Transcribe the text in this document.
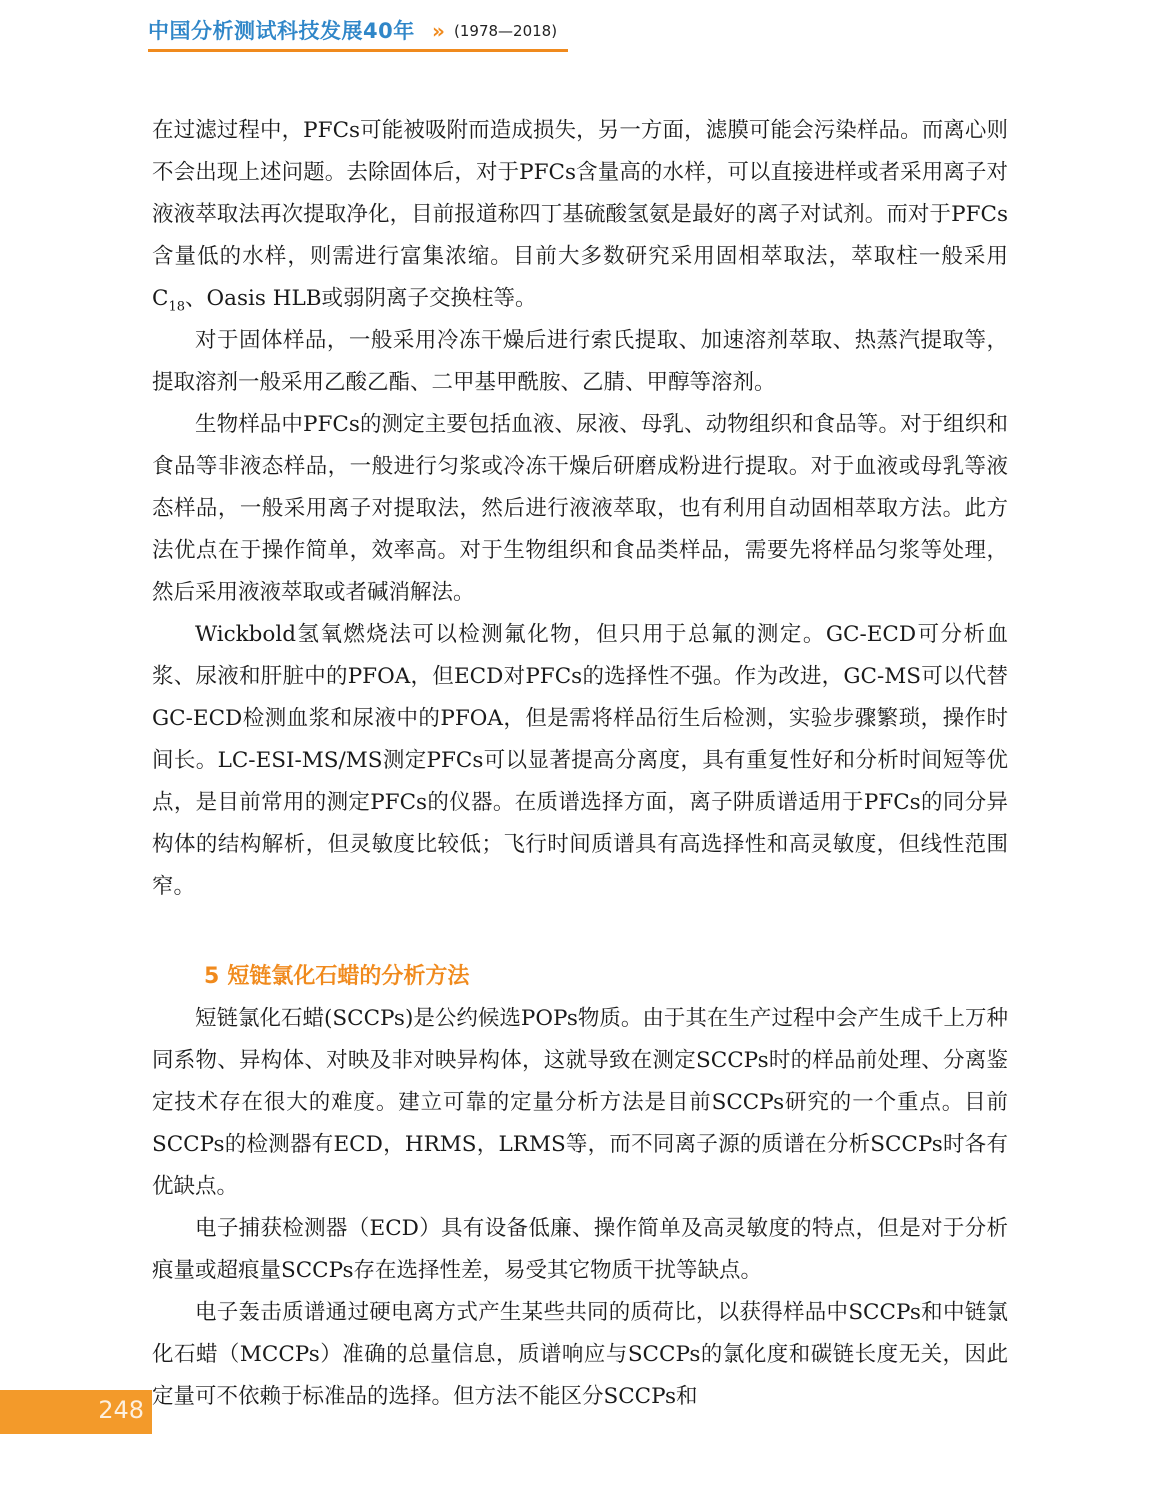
中国分析测试科技发展40年 » (1978—2018)

在过滤过程中，PFCs可能被吸附而造成损失，另一方面，滤膜可能会污染样品。而离心则不会出现上述问题。去除固体后，对于PFCs含量高的水样，可以直接进样或者采用离子对液液萃取法再次提取净化，目前报道称四丁基硫酸氢氨是最好的离子对试剂。而对于PFCs含量低的水样，则需进行富集浓缩。目前大多数研究采用固相萃取法，萃取柱一般采用$C_{18}$、Oasis HLB或弱阴离子交换柱等。

对于固体样品，一般采用冷冻干燥后进行索氏提取、加速溶剂萃取、热蒸汽提取等，提取溶剂一般采用乙酸乙酯、二甲基甲酰胺、乙腈、甲醇等溶剂。

生物样品中PFCs的测定主要包括血液、尿液、母乳、动物组织和食品等。对于组织和食品等非液态样品，一般进行匀浆或冷冻干燥后研磨成粉进行提取。对于血液或母乳等液态样品，一般采用离子对提取法，然后进行液液萃取，也有利用自动固相萃取方法。此方法优点在于操作简单，效率高。对于生物组织和食品类样品，需要先将样品匀浆等处理，然后采用液液萃取或者碱消解法。

Wickbold氢氧燃烧法可以检测氟化物，但只用于总氟的测定。GC-ECD可分析血浆、尿液和肝脏中的PFOA，但ECD对PFCs的选择性不强。作为改进，GC-MS可以代替GC-ECD检测血浆和尿液中的PFOA，但是需将样品衍生后检测，实验步骤繁琐，操作时间长。LC-ESI-MS/MS测定PFCs可以显著提高分离度，具有重复性好和分析时间短等优点，是目前常用的测定PFCs的仪器。在质谱选择方面，离子阱质谱适用于PFCs的同分异构体的结构解析，但灵敏度比较低；飞行时间质谱具有高选择性和高灵敏度，但线性范围窄。

5 短链氯化石蜡的分析方法

短链氯化石蜡(SCCPs)是公约候选POPs物质。由于其在生产过程中会产生成千上万种同系物、异构体、对映及非对映异构体，这就导致在测定SCCPs时的样品前处理、分离鉴定技术存在很大的难度。建立可靠的定量分析方法是目前SCCPs研究的一个重点。目前SCCPs的检测器有ECD，HRMS，LRMS等，而不同离子源的质谱在分析SCCPs时各有优缺点。

电子捕获检测器（ECD）具有设备低廉、操作简单及高灵敏度的特点，但是对于分析痕量或超痕量SCCPs存在选择性差，易受其它物质干扰等缺点。

电子轰击质谱通过硬电离方式产生某些共同的质荷比，以获得样品中SCCPs和中链氯化石蜡（MCCPs）准确的总量信息，质谱响应与SCCPs的氯化度和碳链长度无关，因此定量可不依赖于标准品的选择。但方法不能区分SCCPs和

248
